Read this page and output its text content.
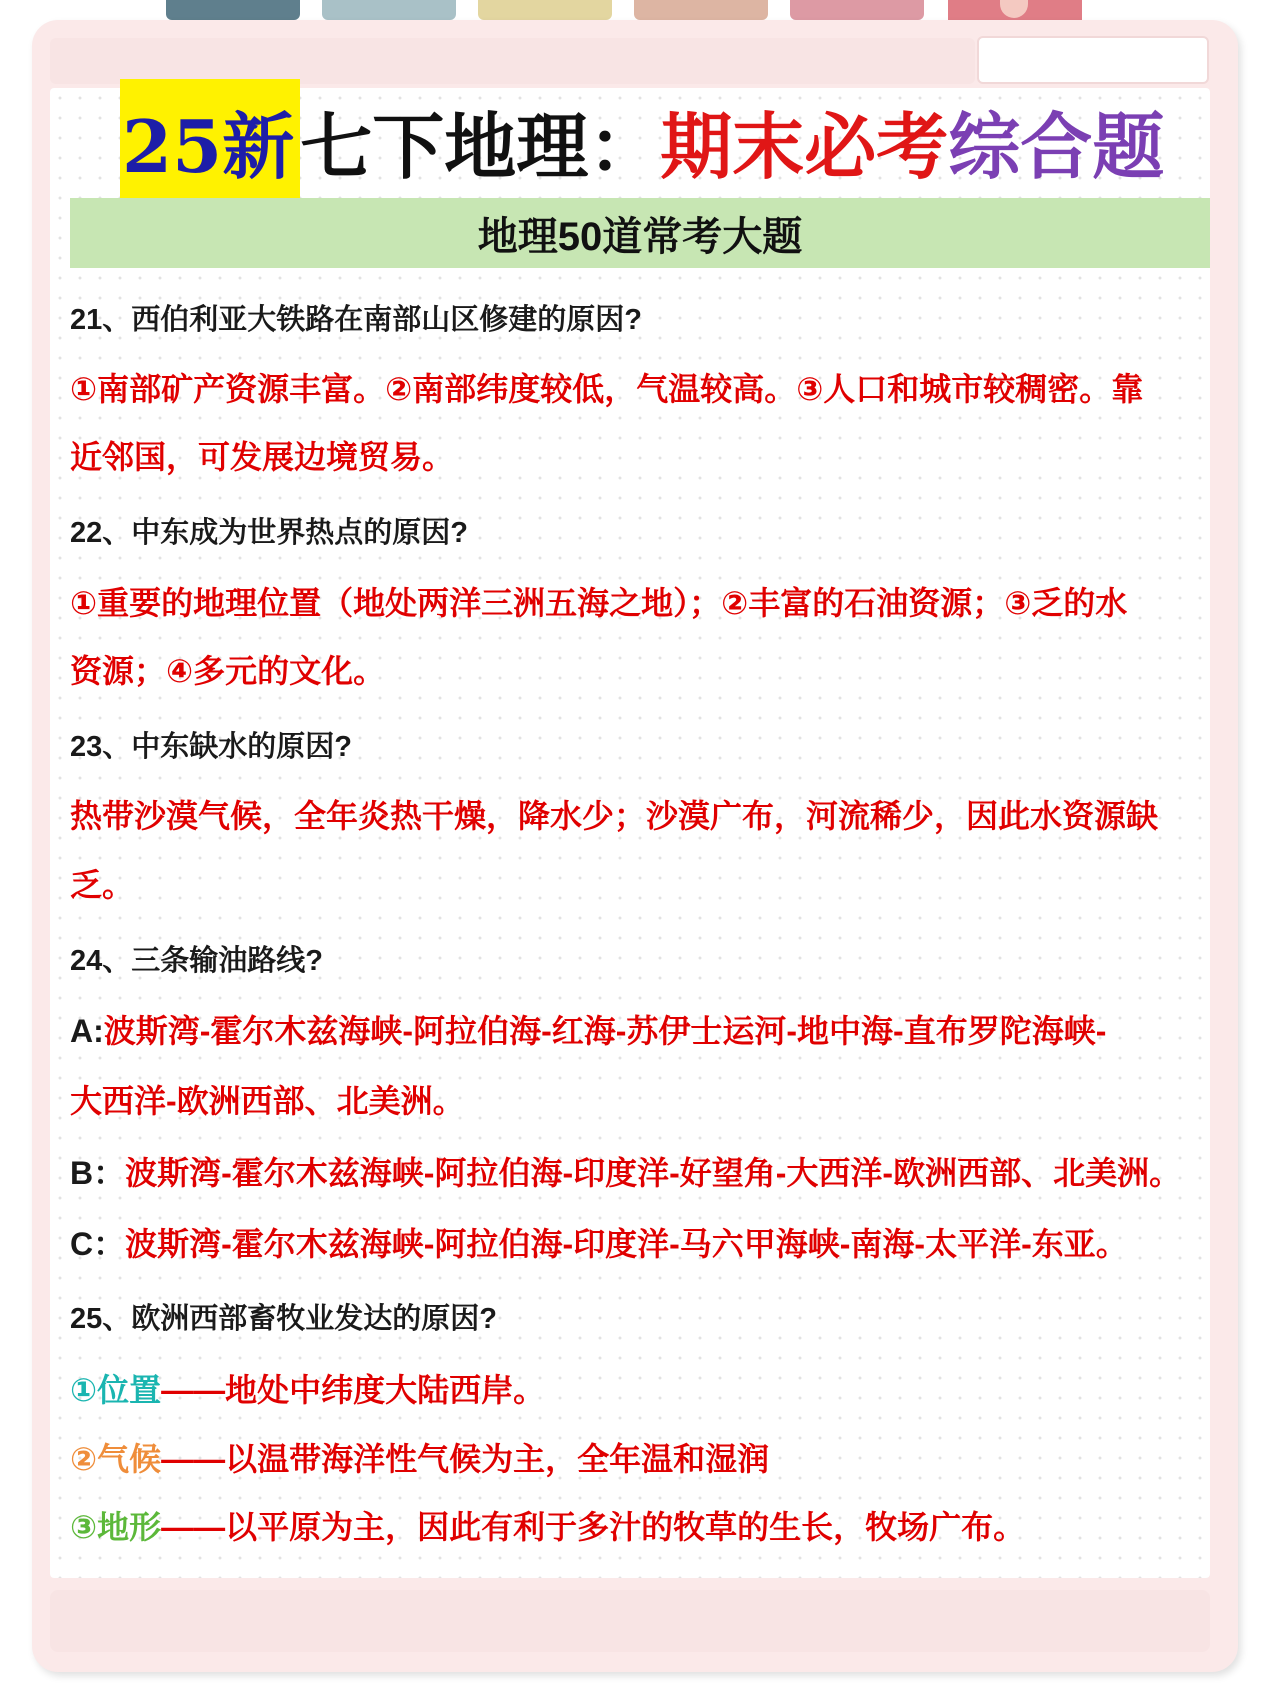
25新 七下地理： 期末必考 综合题
地理50道常考大题
21、西伯利亚大铁路在南部山区修建的原因?
①南部矿产资源丰富。②南部纬度较低，气温较高。③人口和城市较稠密。靠
近邻国，可发展边境贸易。
22、中东成为世界热点的原因?
①重要的地理位置（地处两洋三洲五海之地）；②丰富的石油资源；③乏的水
资源；④多元的文化。
23、中东缺水的原因?
热带沙漠气候，全年炎热干燥，降水少；沙漠广布，河流稀少，因此水资源缺
乏。
24、三条输油路线?
A:波斯湾-霍尔木兹海峡-阿拉伯海-红海-苏伊士运河-地中海-直布罗陀海峡-
大西洋-欧洲西部、北美洲。
B：波斯湾-霍尔木兹海峡-阿拉伯海-印度洋-好望角-大西洋-欧洲西部、北美洲。
C：波斯湾-霍尔木兹海峡-阿拉伯海-印度洋-马六甲海峡-南海-太平洋-东亚。
25、欧洲西部畜牧业发达的原因?
①位置——地处中纬度大陆西岸。
②气候——以温带海洋性气候为主，全年温和湿润
③地形——以平原为主，因此有利于多汁的牧草的生长，牧场广布。
